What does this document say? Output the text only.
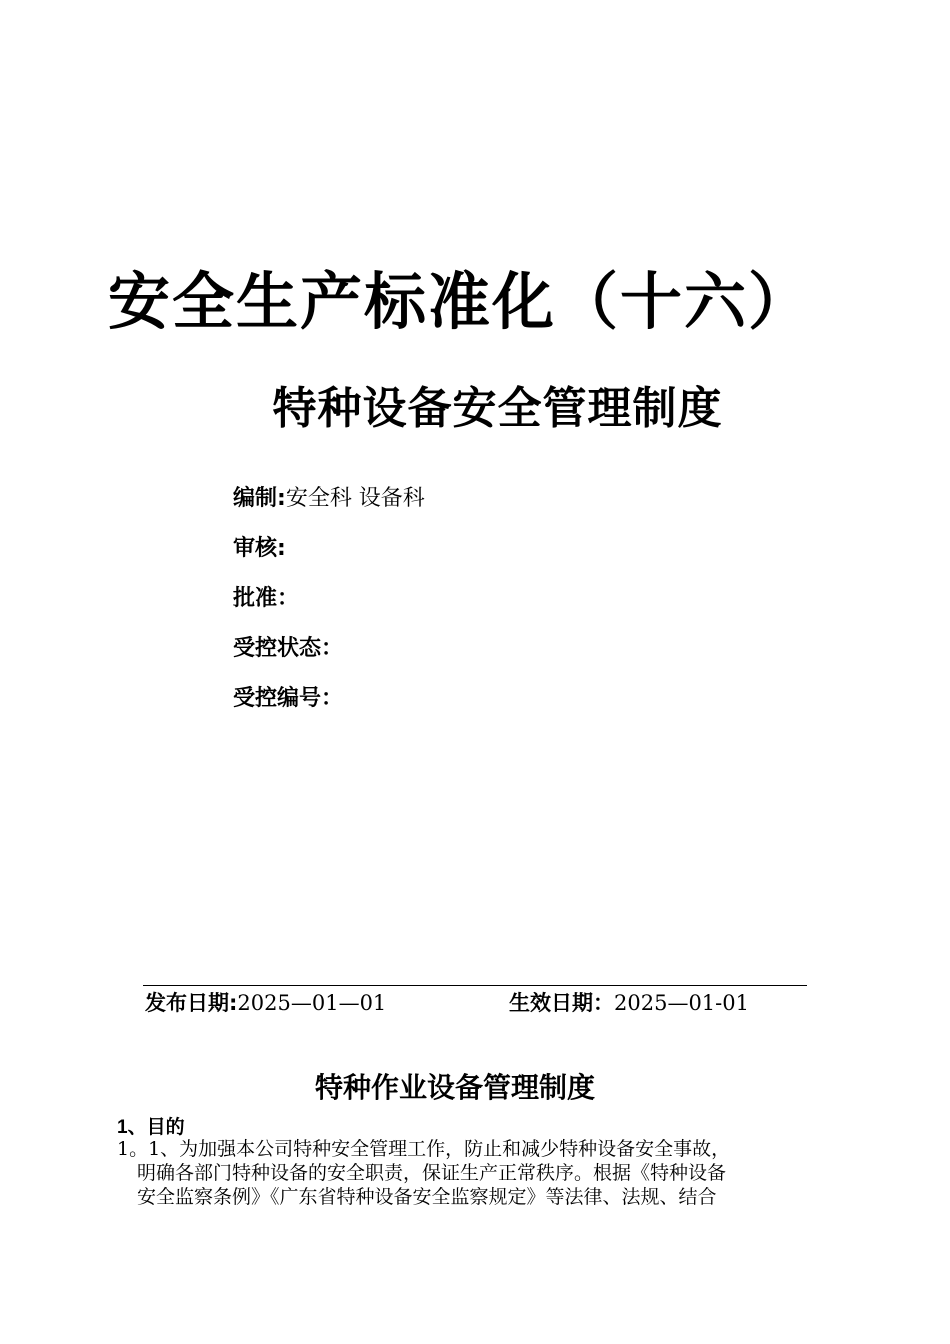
安全生产标准化（十六）
特种设备安全管理制度
编制:安全科 设备科
审核:
批准：
受控状态：
受控编号：
发布日期:2025—01—01	生效日期：2025—01-01
特种作业设备管理制度
1、目的
1。1、为加强本公司特种安全管理工作，防止和减少特种设备安全事故，
明确各部门特种设备的安全职责，保证生产正常秩序。根据《特种设备
安全监察条例》《广东省特种设备安全监察规定》等法律、法规、结合
